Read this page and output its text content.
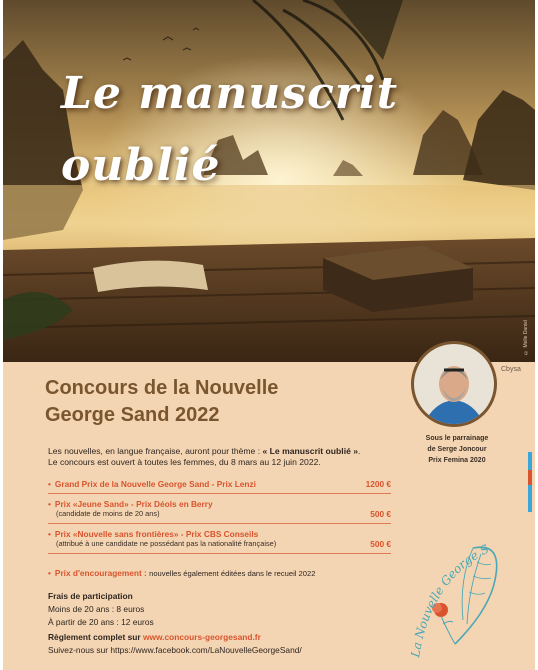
Le manuscrit
oublié
© Melle Daniel
Concours de la Nouvelle
George Sand 2022
Cbysa
Sous le parrainage
de Serge Joncour
Prix Femina 2020
Les nouvelles, en langue française, auront pour thème : « Le manuscrit oublié ».
Le concours est ouvert à toutes les femmes, du 8 mars au 12 juin 2022.
• Grand Prix de la Nouvelle George Sand - Prix Lenzi	1200 €
• Prix «Jeune Sand» - Prix Déols en Berry
(candidate de moins de 20 ans)	500 €
• Prix «Nouvelle sans frontières» - Prix CBS Conseils
(attribué à une candidate ne possédant pas la nationalité française)	500 €
• Prix d'encouragement : nouvelles également éditées dans le recueil 2022
Frais de participation
Moins de 20 ans : 8 euros
À partir de 20 ans : 12 euros
Règlement complet sur www.concours-georgesand.fr
Suivez-nous sur https://www.facebook.com/LaNouvelleGeorgeSand/	a Nouvelle George S
